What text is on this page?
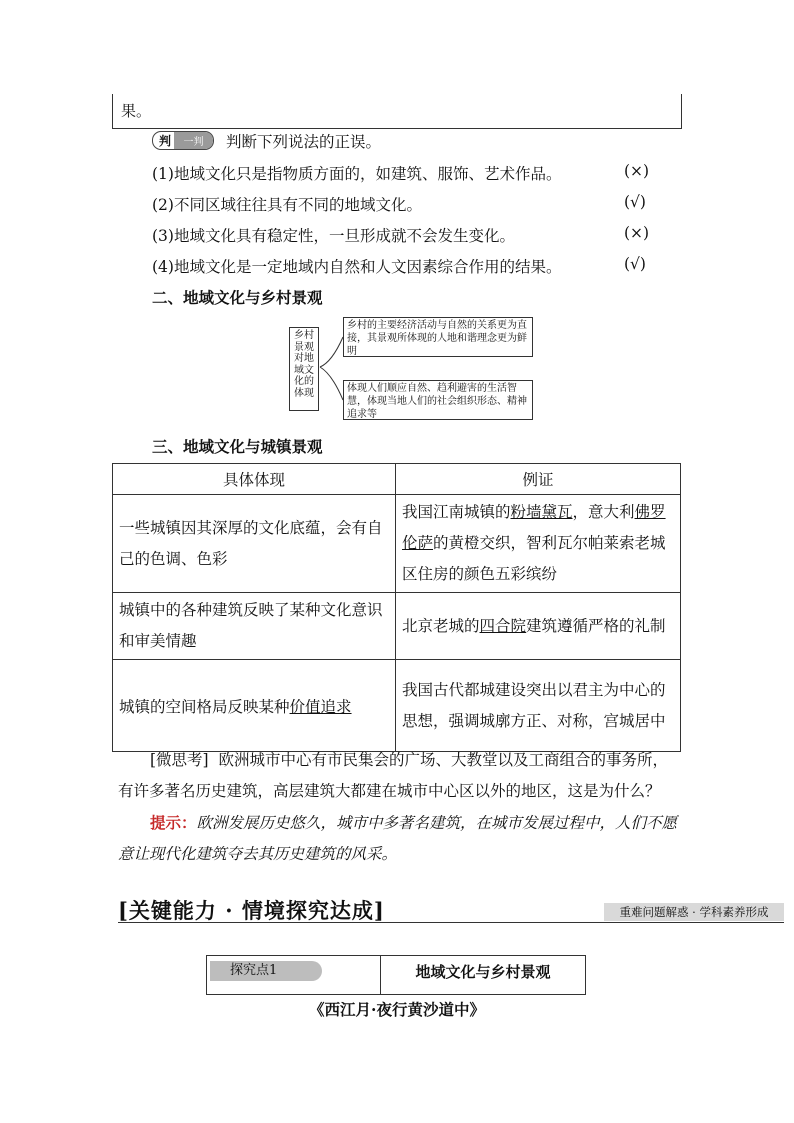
果。
判	一判	判断下列说法的正误。
(1)地域文化只是指物质方面的，如建筑、服饰、艺术作品。	(×)
(2)不同区域往往具有不同的地域文化。	(√)
(3)地域文化具有稳定性，一旦形成就不会发生变化。	(×)
(4)地域文化是一定地域内自然和人文因素综合作用的结果。	(√)
二、地域文化与乡村景观
乡村景观对地域文化的体现
乡村的主要经济活动与自然的关系更为直接，其景观所体现的人地和谐理念更为鲜明
体现人们顺应自然、趋利避害的生活智慧，体现当地人们的社会组织形态、精神追求等
三、地域文化与城镇景观
具体体现	例证
一些城镇因其深厚的文化底蕴，会有自己的色调、色彩	我国江南城镇的粉墙黛瓦，意大利佛罗伦萨的黄橙交织，智利瓦尔帕莱索老城区住房的颜色五彩缤纷
城镇中的各种建筑反映了某种文化意识和审美情趣	北京老城的四合院建筑遵循严格的礼制
城镇的空间格局反映某种价值追求	我国古代都城建设突出以君主为中心的思想，强调城廓方正、对称，宫城居中
[微思考] 欧洲城市中心有市民集会的广场、大教堂以及工商组合的事务所，有许多著名历史建筑，高层建筑大都建在城市中心区以外的地区，这是为什么？
提示：欧洲发展历史悠久，城市中多著名建筑，在城市发展过程中，人们不愿意让现代化建筑夺去其历史建筑的风采。
[关键能力 · 情境探究达成]	重难问题解惑 · 学科素养形成
探究点1	地域文化与乡村景观
《西江月·夜行黄沙道中》
